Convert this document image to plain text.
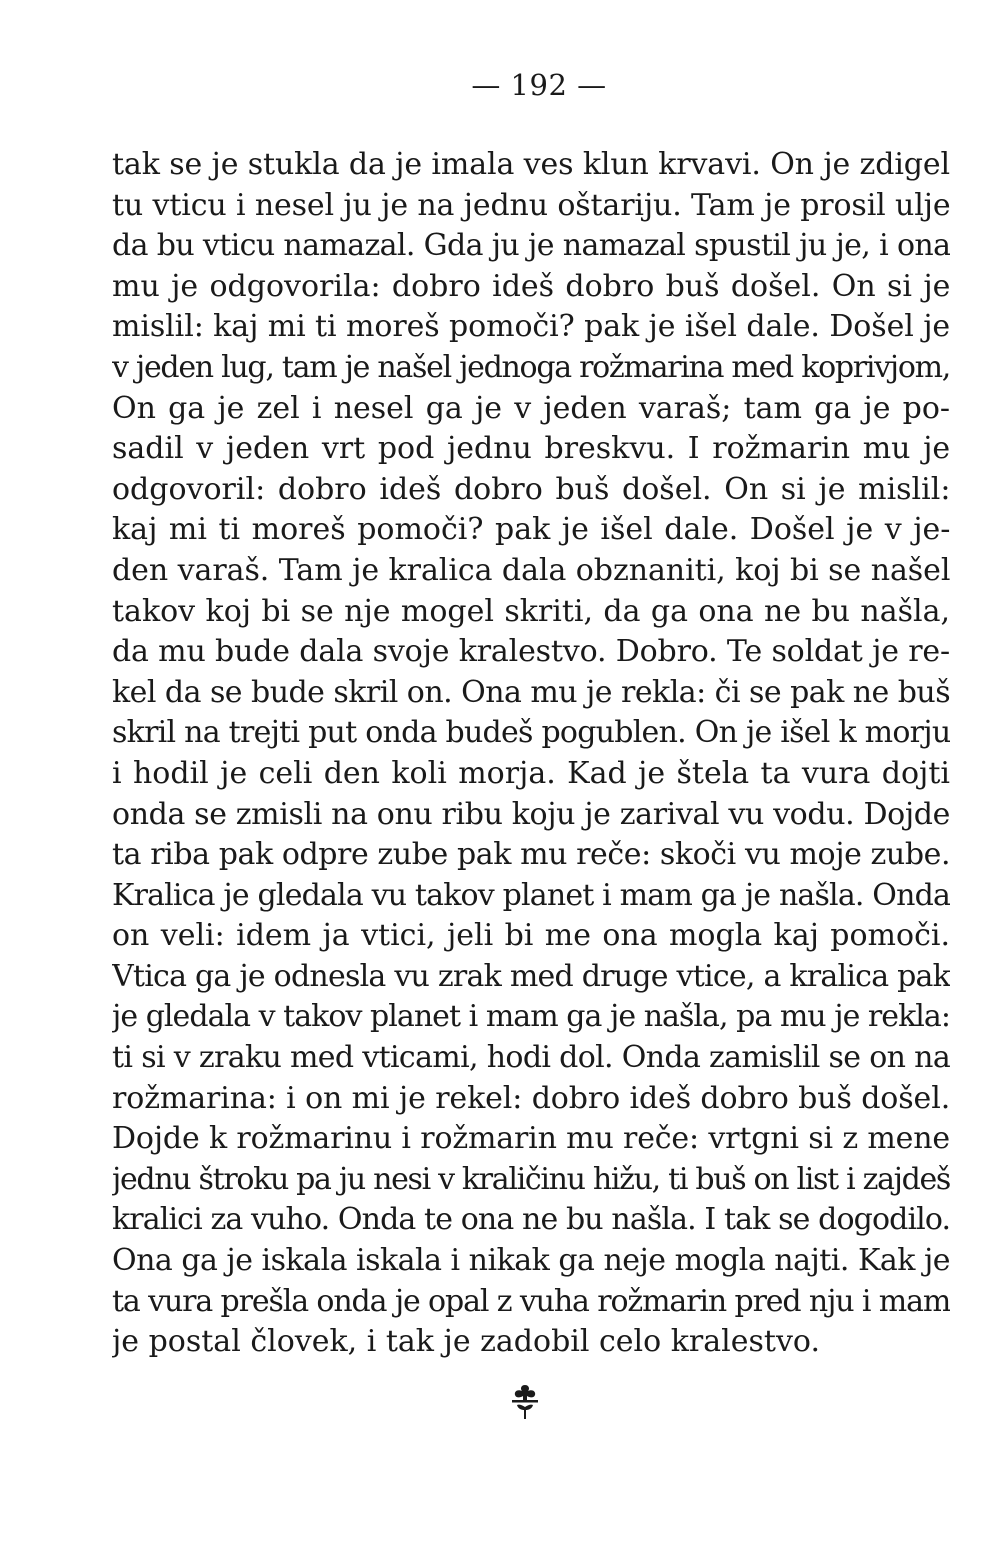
— 192 —
tak se je stukla da je imala ves klun krvavi. On je zdigel
tu vticu i nesel ju je na jednu oštariju. Tam je prosil ulje
da bu vticu namazal. Gda ju je namazal spustil ju je, i ona
mu je odgovorila: dobro ideš dobro buš došel. On si je
mislil: kaj mi ti moreš pomoči? pak je išel dale. Došel je
v jeden lug, tam je našel jednoga rožmarina med koprivjom,
On ga je zel i nesel ga je v jeden varaš; tam ga je po-
sadil v jeden vrt pod jednu breskvu. I rožmarin mu je
odgovoril: dobro ideš dobro buš došel. On si je mislil:
kaj mi ti moreš pomoči? pak je išel dale. Došel je v je-
den varaš. Tam je kralica dala obznaniti, koj bi se našel
takov koj bi se nje mogel skriti, da ga ona ne bu našla,
da mu bude dala svoje kralestvo. Dobro. Te soldat je re-
kel da se bude skril on. Ona mu je rekla: či se pak ne buš
skril na trejti put onda budeš pogublen. On je išel k morju
i hodil je celi den koli morja. Kad je štela ta vura dojti
onda se zmisli na onu ribu koju je zarival vu vodu. Dojde
ta riba pak odpre zube pak mu reče: skoči vu moje zube.
Kralica je gledala vu takov planet i mam ga je našla. Onda
on veli: idem ja vtici, jeli bi me ona mogla kaj pomoči.
Vtica ga je odnesla vu zrak med druge vtice, a kralica pak
je gledala v takov planet i mam ga je našla, pa mu je rekla:
ti si v zraku med vticami, hodi dol. Onda zamislil se on na
rožmarina: i on mi je rekel: dobro ideš dobro buš došel.
Dojde k rožmarinu i rožmarin mu reče: vrtgni si z mene
jednu štroku pa ju nesi v kraličinu hižu, ti buš on list i zajdeš
kralici za vuho. Onda te ona ne bu našla. I tak se dogodilo.
Ona ga je iskala iskala i nikak ga neje mogla najti. Kak je
ta vura prešla onda je opal z vuha rožmarin pred nju i mam
je postal človek, i tak je zadobil celo kralestvo.
